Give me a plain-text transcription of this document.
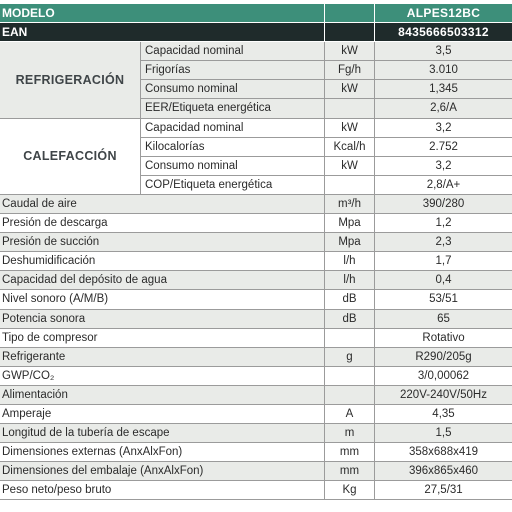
MODELO	ALPES12BC
EAN	8435666503312
REFRIGERACIÓN
CALEFACCIÓN
Capacidad nominal	kW	3,5
Frigorías	Fg/h	3.010
Consumo nominal	kW	1,345
EER/Etiqueta energética	2,6/A
Capacidad nominal	kW	3,2
Kilocalorías	Kcal/h	2.752
Consumo nominal	kW	3,2
COP/Etiqueta energética	2,8/A+
Caudal de aire	m³/h	390/280
Presión de descarga	Mpa	1,2
Presión de succión	Mpa	2,3
Deshumidificación	l/h	1,7
Capacidad del depósito de agua	l/h	0,4
Nivel sonoro (A/M/B)	dB	53/51
Potencia sonora	dB	65
Tipo de compresor	Rotativo
Refrigerante	g	R290/205g
GWP/CO₂	3/0,00062
Alimentación	220V-240V/50Hz
Amperaje	A	4,35
Longitud de la tubería de escape	m	1,5
Dimensiones externas (AnxAlxFon)	mm	358x688x419
Dimensiones del embalaje (AnxAlxFon)	mm	396x865x460
Peso neto/peso bruto	Kg	27,5/31
